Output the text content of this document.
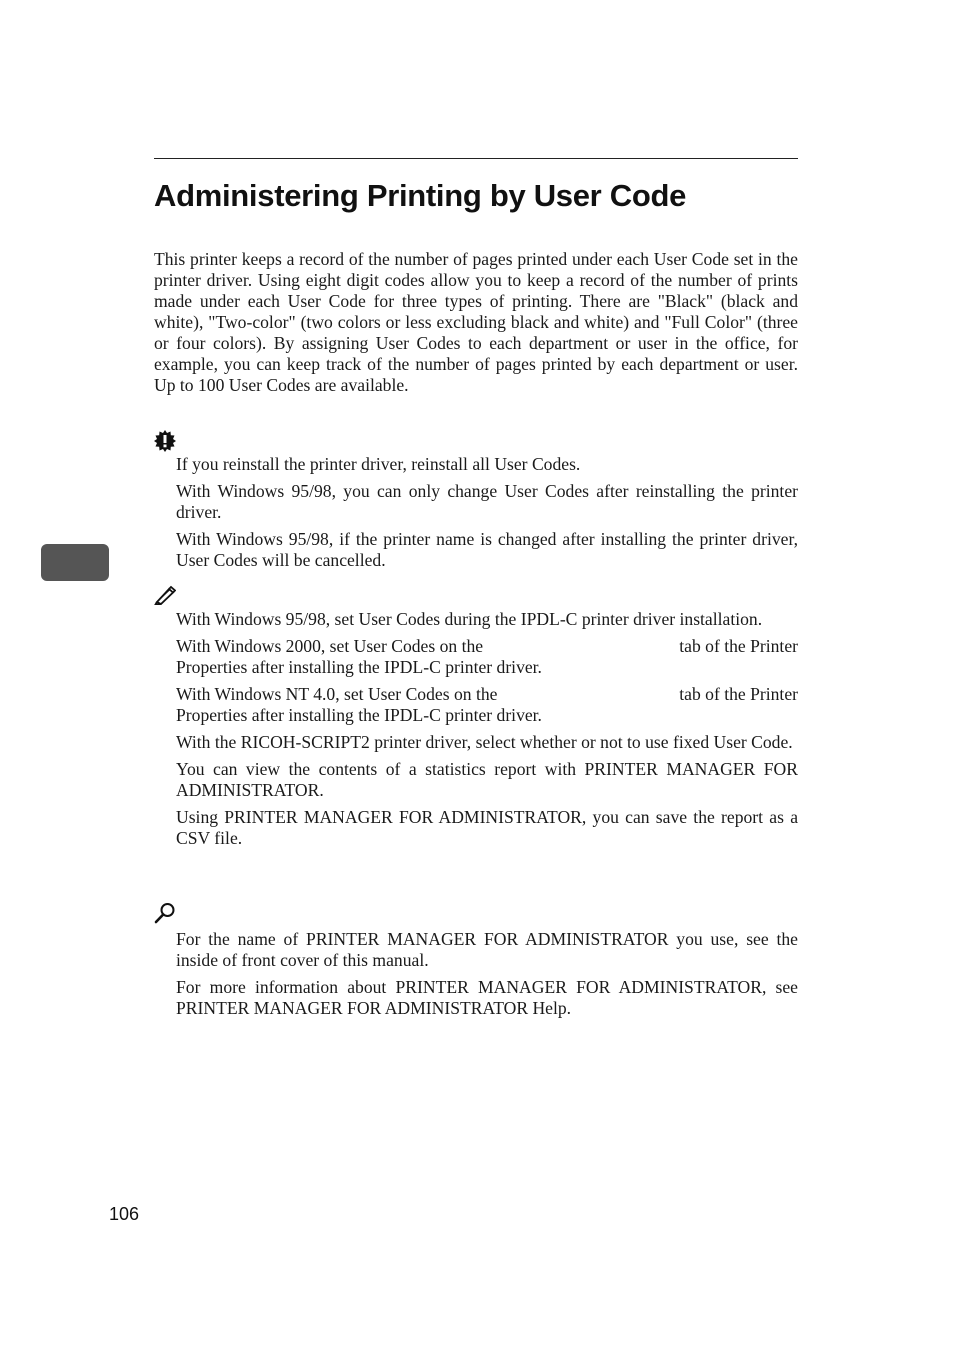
Administering Printing by User Code

This printer keeps a record of the number of pages printed under each User Code set in the printer driver. Using eight digit codes allow you to keep a record of the number of prints made under each User Code for three types of printing. There are "Black" (black and white), "Two-color" (two colors or less excluding black and white) and "Full Color" (three or four colors). By assigning User Codes to each department or user in the office, for example, you can keep track of the number of pages printed by each department or user. Up to 100 User Codes are available.

If you reinstall the printer driver, reinstall all User Codes.
With Windows 95/98, you can only change User Codes after reinstalling the printer driver.
With Windows 95/98, if the printer name is changed after installing the printer driver, User Codes will be cancelled.
With Windows 95/98, set User Codes during the IPDL-C printer driver installation.
With Windows 2000, set User Codes on the	tab of the Printer

Properties after installing the IPDL-C printer driver.
With Windows NT 4.0, set User Codes on the	tab of the Printer

Properties after installing the IPDL-C printer driver.
With the RICOH-SCRIPT2 printer driver, select whether or not to use fixed User Code.
You can view the contents of a statistics report with PRINTER MANAGER FOR ADMINISTRATOR.
Using PRINTER MANAGER FOR ADMINISTRATOR, you can save the report as a CSV file.
For the name of PRINTER MANAGER FOR ADMINISTRATOR you use, see the inside of front cover of this manual.
For more information about PRINTER MANAGER FOR ADMINISTRATOR, see PRINTER MANAGER FOR ADMINISTRATOR Help.
106
